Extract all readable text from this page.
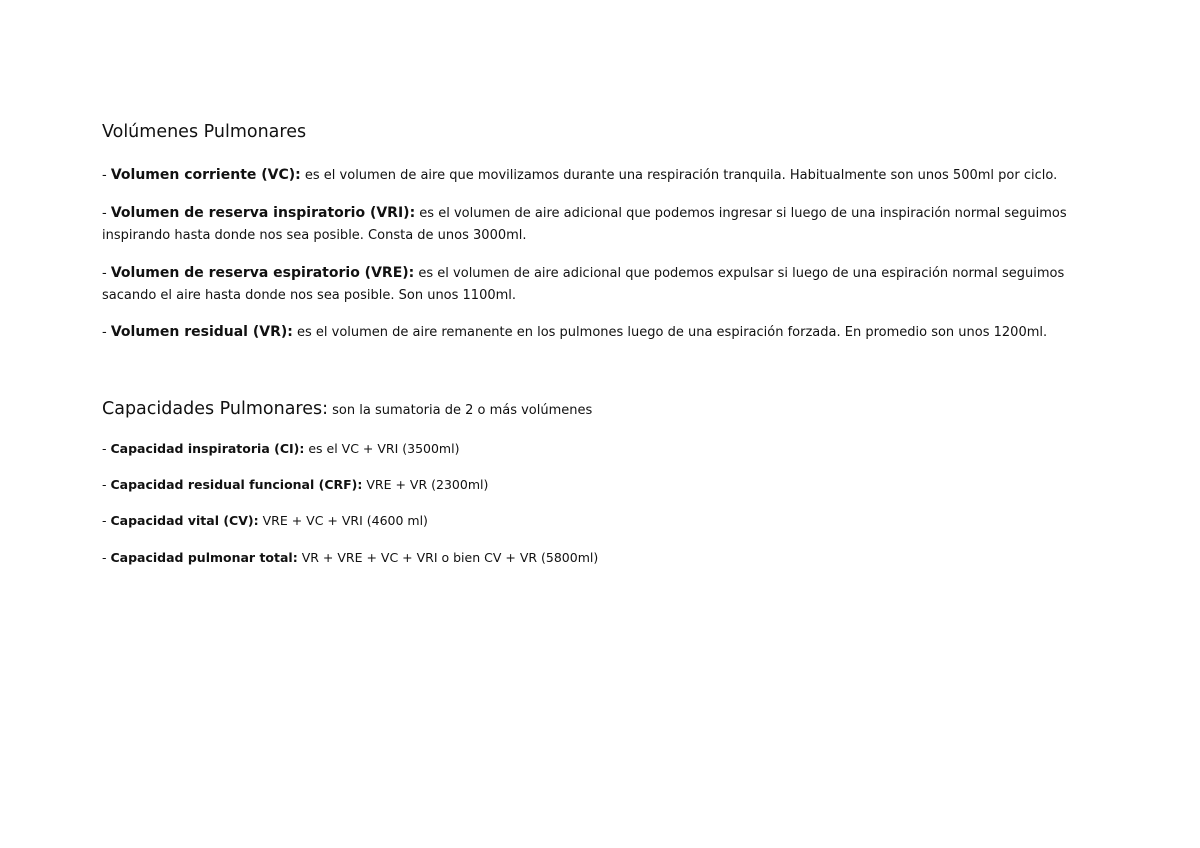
Volúmenes Pulmonares

- Volumen corriente (VC): es el volumen de aire que movilizamos durante una respiración tranquila. Habitualmente son unos 500ml por ciclo.

- Volumen de reserva inspiratorio (VRI): es el volumen de aire adicional que podemos ingresar si luego de una inspiración normal seguimos inspirando hasta donde nos sea posible. Consta de unos 3000ml.

- Volumen de reserva espiratorio (VRE): es el volumen de aire adicional que podemos expulsar si luego de una espiración normal seguimos sacando el aire hasta donde nos sea posible. Son unos 1100ml.

- Volumen residual (VR): es el volumen de aire remanente en los pulmones luego de una espiración forzada. En promedio son unos 1200ml.

Capacidades Pulmonares: son la sumatoria de 2 o más volúmenes

- Capacidad inspiratoria (CI): es el VC + VRI (3500ml)

- Capacidad residual funcional (CRF): VRE + VR (2300ml)

- Capacidad vital (CV): VRE + VC + VRI (4600 ml)

- Capacidad pulmonar total: VR + VRE + VC + VRI o bien CV + VR (5800ml)
